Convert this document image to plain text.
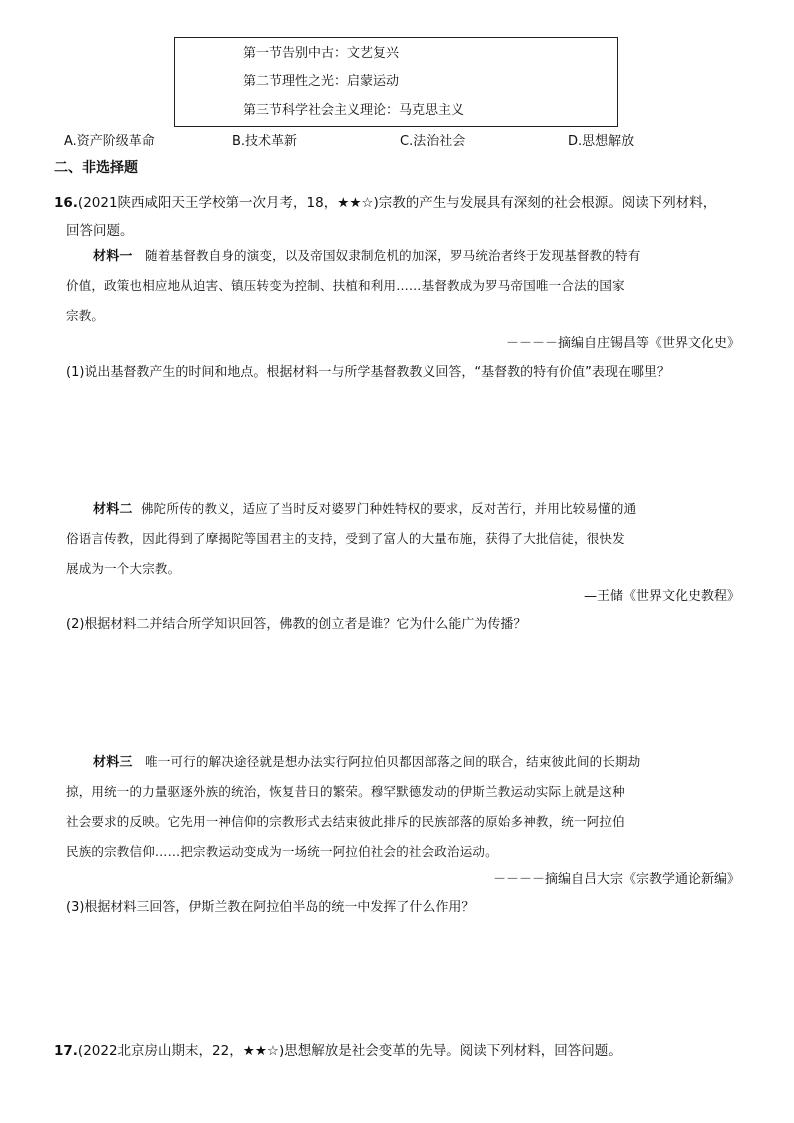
第一节告别中古：文艺复兴
第二节理性之光：启蒙运动
第三节科学社会主义理论：马克思主义
A.资产阶级革命	B.技术革新	C.法治社会	D.思想解放
二、非选择题
16.(2021陕西咸阳天王学校第一次月考，18，★★☆)宗教的产生与发展具有深刻的社会根源。阅读下列材料，
回答问题。
材料一 随着基督教自身的演变，以及帝国奴隶制危机的加深，罗马统治者终于发现基督教的特有
价值，政策也相应地从迫害、镇压转变为控制、扶植和利用……基督教成为罗马帝国唯一合法的国家
宗教。
－－－－摘编自庄锡昌等《世界文化史》
(1)说出基督教产生的时间和地点。根据材料一与所学基督教教义回答，“基督教的特有价值”表现在哪里？
材料二 佛陀所传的教义，适应了当时反对婆罗门种姓特权的要求，反对苦行，并用比较易懂的通
俗语言传教，因此得到了摩揭陀等国君主的支持，受到了富人的大量布施，获得了大批信徒，很快发
展成为一个大宗教。
—王储《世界文化史教程》
(2)根据材料二并结合所学知识回答，佛教的创立者是谁？它为什么能广为传播？
材料三 唯一可行的解决途径就是想办法实行阿拉伯贝都因部落之间的联合，结束彼此间的长期劫
掠，用统一的力量驱逐外族的统治，恢复昔日的繁荣。穆罕默德发动的伊斯兰教运动实际上就是这种
社会要求的反映。它先用一神信仰的宗教形式去结束彼此排斥的民族部落的原始多神教，统一阿拉伯
民族的宗教信仰……把宗教运动变成为一场统一阿拉伯社会的社会政治运动。
－－－－摘编自吕大宗《宗教学通论新编》
(3)根据材料三回答，伊斯兰教在阿拉伯半岛的统一中发挥了什么作用？
17.(2022北京房山期末，22，★★☆)思想解放是社会变革的先导。阅读下列材料，回答问题。
